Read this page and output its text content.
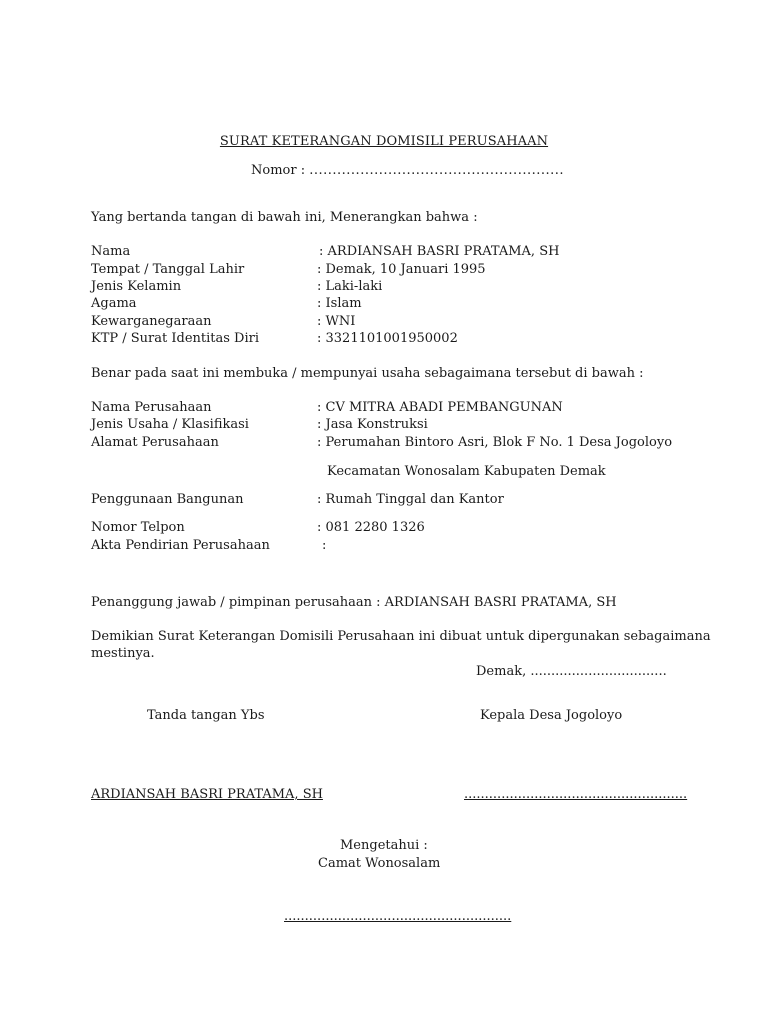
SURAT KETERANGAN DOMISILI PERUSAHAAN
Nomor : .......................................................
Yang bertanda tangan di bawah ini, Menerangkan bahwa :
Nama	: ARDIANSAH BASRI PRATAMA, SH
Tempat / Tanggal Lahir	: Demak, 10 Januari 1995
Jenis Kelamin	: Laki-laki
Agama	: Islam
Kewarganegaraan	: WNI
KTP / Surat Identitas Diri	: 3321101001950002
Benar pada saat ini membuka / mempunyai usaha sebagaimana tersebut di bawah :
Nama Perusahaan	: CV MITRA ABADI PEMBANGUNAN
Jenis Usaha / Klasifikasi	: Jasa Konstruksi
Alamat Perusahaan	: Perumahan Bintoro Asri, Blok F No. 1 Desa Jogoloyo
Kecamatan Wonosalam Kabupaten Demak
Penggunaan Bangunan	: Rumah Tinggal dan Kantor
Nomor Telpon	: 081 2280 1326
Akta Pendirian Perusahaan	:
Penanggung jawab / pimpinan perusahaan : ARDIANSAH BASRI PRATAMA, SH
Demikian Surat Keterangan Domisili Perusahaan ini dibuat untuk dipergunakan sebagaimana
mestinya.
Demak, .................................
Tanda tangan Ybs	Kepala Desa Jogoloyo
ARDIANSAH BASRI PRATAMA, SH	......................................................
Mengetahui :
Camat Wonosalam
.......................................................
